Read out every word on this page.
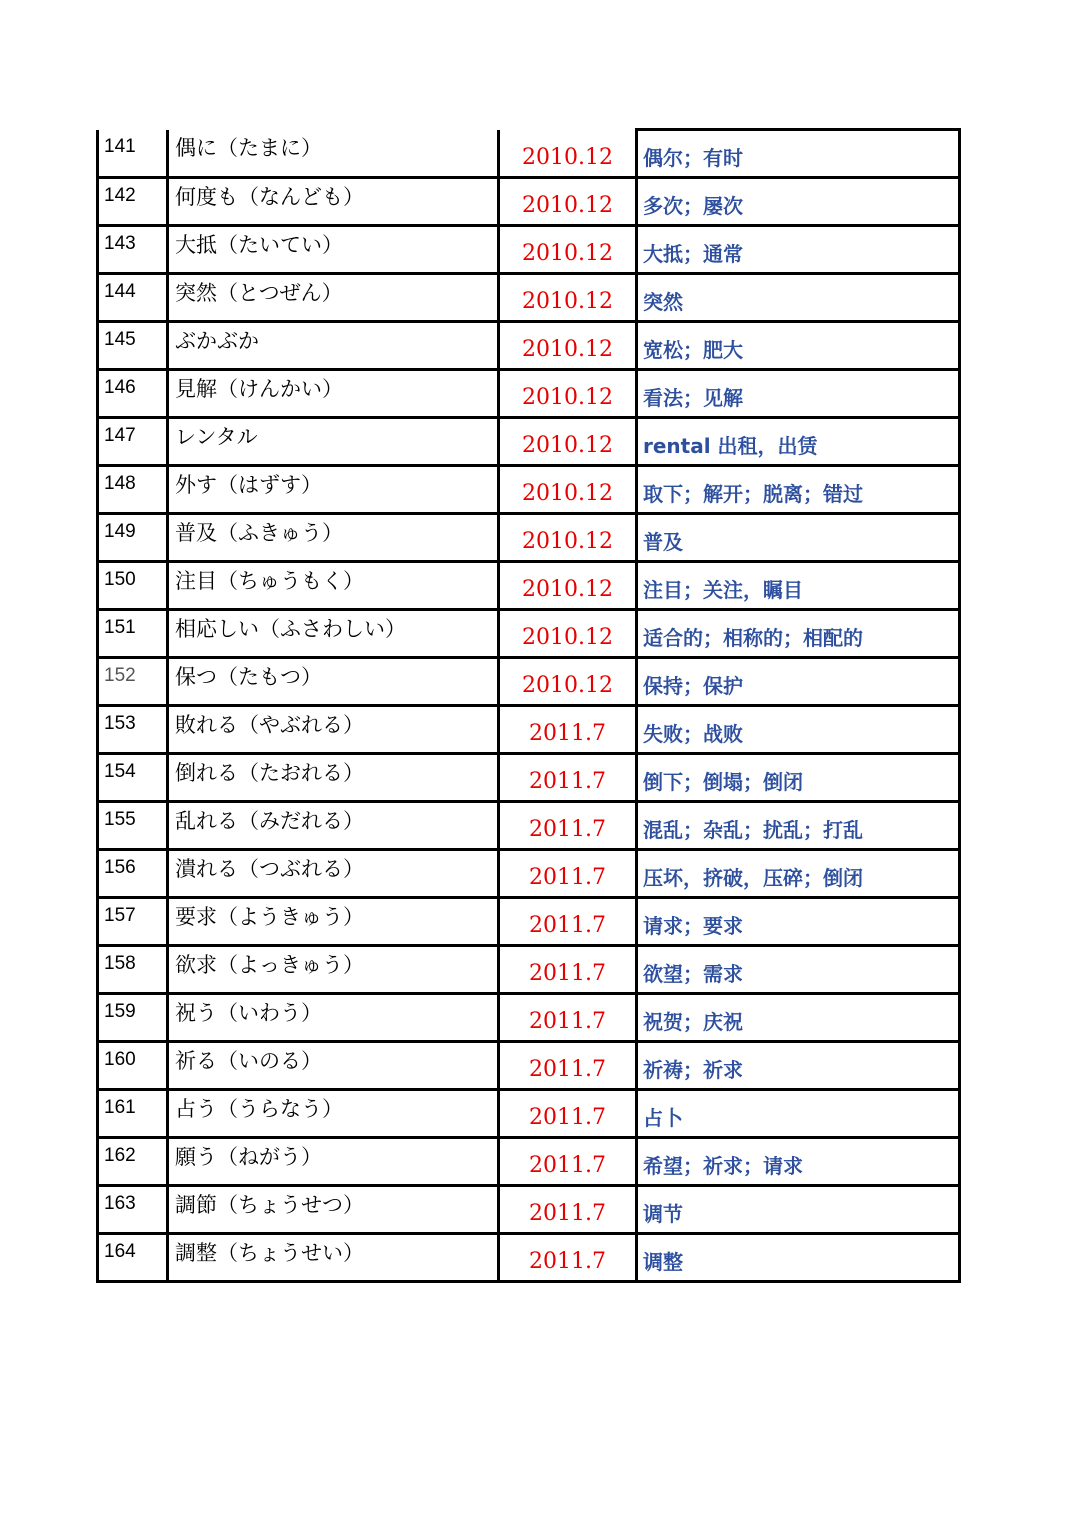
141	偶に（たまに）	2010.12	偶尔；有时

142	何度も（なんども）	2010.12	多次；屡次

143	大抵（たいてい）	2010.12	大抵；通常

144	突然（とつぜん）	2010.12	突然

145	ぶかぶか	2010.12	宽松；肥大

146	見解（けんかい）	2010.12	看法；见解

147	レンタル	2010.12	rental 出租，出赁

148	外す（はずす）	2010.12	取下；解开；脱离；错过

149	普及（ふきゅう）	2010.12	普及

150	注目（ちゅうもく）	2010.12	注目；关注，瞩目

151	相応しい（ふさわしい）	2010.12	适合的；相称的；相配的

152	保つ（たもつ）	2010.12	保持；保护

153	敗れる（やぶれる）	2011.7	失败；战败

154	倒れる（たおれる）	2011.7	倒下；倒塌；倒闭

155	乱れる（みだれる）	2011.7	混乱；杂乱；扰乱；打乱

156	潰れる（つぶれる）	2011.7	压坏，挤破，压碎；倒闭

157	要求（ようきゅう）	2011.7	请求；要求

158	欲求（よっきゅう）	2011.7	欲望；需求

159	祝う（いわう）	2011.7	祝贺；庆祝

160	祈る（いのる）	2011.7	祈祷；祈求

161	占う（うらなう）	2011.7	占卜

162	願う（ねがう）	2011.7	希望；祈求；请求

163	調節（ちょうせつ）	2011.7	调节

164	調整（ちょうせい）	2011.7	调整
